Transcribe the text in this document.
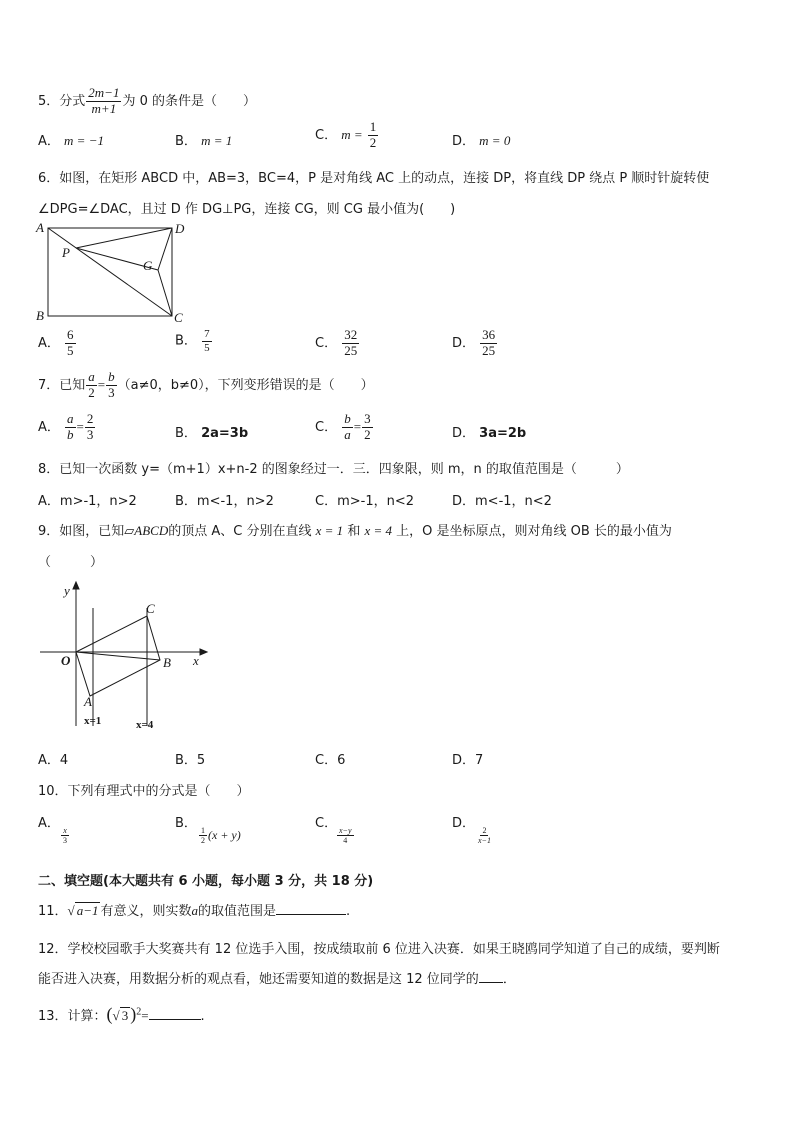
5．分式 $\frac{2m-1}{m+1}$ 为 0 的条件是（　　）
A． m = −1	B． m = 1	C． $m = \frac{1}{2}$	D． m = 0
6．如图，在矩形 ABCD 中，AB=3，BC=4，P 是对角线 AC 上的动点，连接 DP，将直线 DP 绕点 P 顺时针旋转使
∠DPG=∠DAC，且过 D 作 DG⊥PG，连接 CG，则 CG 最小值为(　　)
A	D
B	C
P
G
A． $\frac{6}{5}$	B． $\frac{7}{5}$	C． $\frac{32}{25}$	D． $\frac{36}{25}$
7．已知 $\frac{a}{2} = \frac{b}{3} (a\ne 0$，b≠0），下列变形错误的是（　　）
A． $\frac{a}{b} = \frac{2}{3}$	B． 2a=3b	C． $\frac{b}{a} = \frac{3}{2}$	D． 3a=2b
8．已知一次函数 y=（m+1）x+n-2 的图象经过一．三．四象限，则 m，n 的取值范围是（　　　）
A．m>-1，n>2	B．m<-1，n>2	C．m>-1，n<2	D．m<-1，n<2
9．如图，已知▱ABCD的顶点 A、C 分别在直线 x = 1 和 x = 4 上，O 是坐标原点，则对角线 OB 长的最小值为
（　　　）
y
x
O
A
B
C
x=1	x=4
A．4	B．5	C．6	D．7
10．下列有理式中的分式是（　　）
A．
$\frac{x}{3}$
B．
$\frac{1}{2} (x + y)$
C．
$\frac{x-y}{4}$
D．
$\frac{2}{x-1}$
二、填空题(本大题共有 6 小题，每小题 3 分，共 18 分)
11．√ a−1 有意义，则实数a的取值范围是	.
12．学校校园歌手大奖赛共有 12 位选手入围，按成绩取前 6 位进入决赛．如果王晓鸥同学知道了自己的成绩，要判断
能否进入决赛，用数据分析的观点看，她还需要知道的数据是这 12 位同学的 ．
13．计算：(√ 3 )$^2$=	.
